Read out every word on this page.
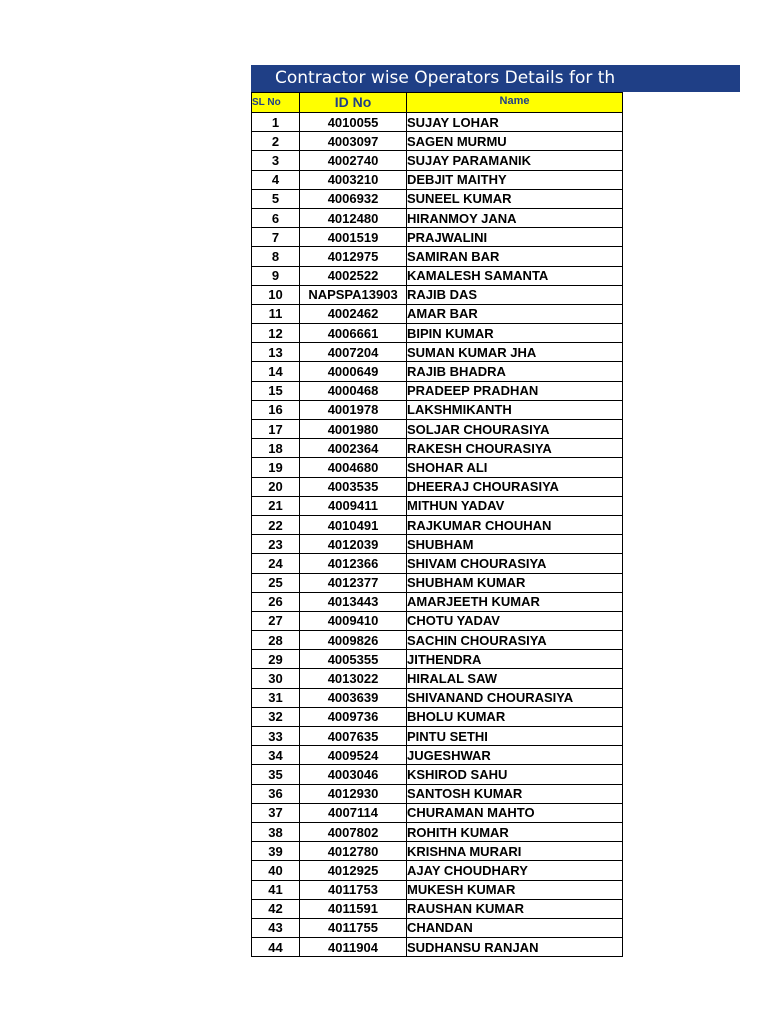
Contractor wise Operators Details for th
SL No	ID No	Name
1	4010055	SUJAY LOHAR
2	4003097	SAGEN MURMU
3	4002740	SUJAY PARAMANIK
4	4003210	DEBJIT MAITHY
5	4006932	SUNEEL KUMAR
6	4012480	HIRANMOY JANA
7	4001519	PRAJWALINI
8	4012975	SAMIRAN BAR
9	4002522	KAMALESH SAMANTA
10	NAPSPA13903	RAJIB DAS
11	4002462	AMAR BAR
12	4006661	BIPIN KUMAR
13	4007204	SUMAN KUMAR JHA
14	4000649	RAJIB BHADRA
15	4000468	PRADEEP PRADHAN
16	4001978	LAKSHMIKANTH
17	4001980	SOLJAR CHOURASIYA
18	4002364	RAKESH CHOURASIYA
19	4004680	SHOHAR ALI
20	4003535	DHEERAJ CHOURASIYA
21	4009411	MITHUN YADAV
22	4010491	RAJKUMAR CHOUHAN
23	4012039	SHUBHAM
24	4012366	SHIVAM CHOURASIYA
25	4012377	SHUBHAM KUMAR
26	4013443	AMARJEETH KUMAR
27	4009410	CHOTU YADAV
28	4009826	SACHIN CHOURASIYA
29	4005355	JITHENDRA
30	4013022	HIRALAL SAW
31	4003639	SHIVANAND CHOURASIYA
32	4009736	BHOLU KUMAR
33	4007635	PINTU SETHI
34	4009524	JUGESHWAR
35	4003046	KSHIROD SAHU
36	4012930	SANTOSH KUMAR
37	4007114	CHURAMAN MAHTO
38	4007802	ROHITH KUMAR
39	4012780	KRISHNA MURARI
40	4012925	AJAY CHOUDHARY
41	4011753	MUKESH KUMAR
42	4011591	RAUSHAN KUMAR
43	4011755	CHANDAN
44	4011904	SUDHANSU RANJAN
